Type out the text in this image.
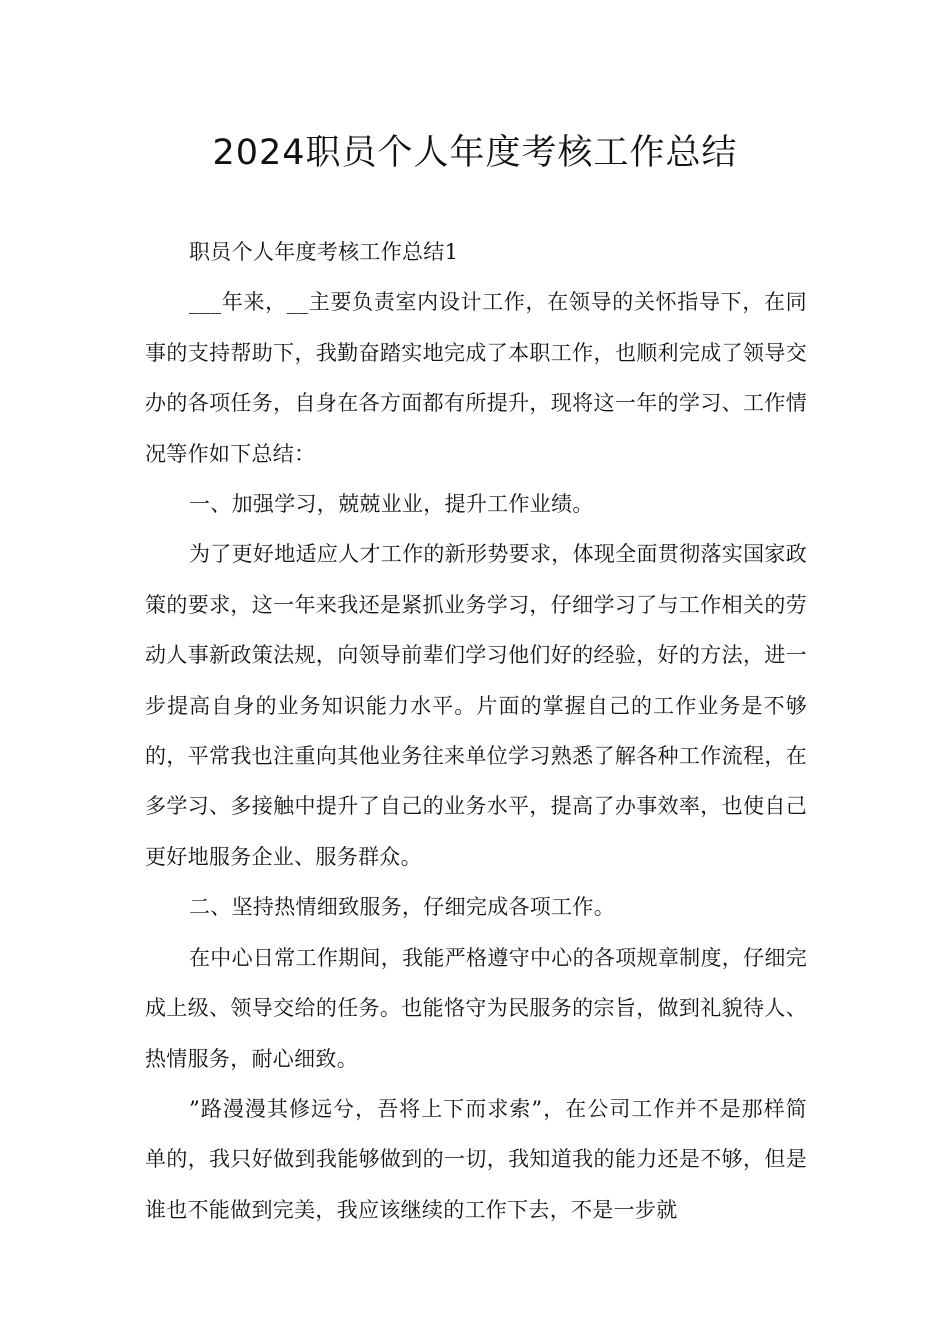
2024职员个人年度考核工作总结

职员个人年度考核工作总结1

___年来，__主要负责室内设计工作，在领导的关怀指导下，在同事的支持帮助下，我勤奋踏实地完成了本职工作，也顺利完成了领导交办的各项任务，自身在各方面都有所提升，现将这一年的学习、工作情况等作如下总结：

一、加强学习，兢兢业业，提升工作业绩。

为了更好地适应人才工作的新形势要求，体现全面贯彻落实国家政策的要求，这一年来我还是紧抓业务学习，仔细学习了与工作相关的劳动人事新政策法规，向领导前辈们学习他们好的经验，好的方法，进一步提高自身的业务知识能力水平。片面的掌握自己的工作业务是不够的，平常我也注重向其他业务往来单位学习熟悉了解各种工作流程，在多学习、多接触中提升了自己的业务水平，提高了办事效率，也使自己更好地服务企业、服务群众。

二、坚持热情细致服务，仔细完成各项工作。

在中心日常工作期间，我能严格遵守中心的各项规章制度，仔细完成上级、领导交给的任务。也能恪守为民服务的宗旨，做到礼貌待人、热情服务，耐心细致。

”路漫漫其修远兮，吾将上下而求索”，在公司工作并不是那样简单的，我只好做到我能够做到的一切，我知道我的能力还是不够，但是谁也不能做到完美，我应该继续的工作下去，不是一步就
